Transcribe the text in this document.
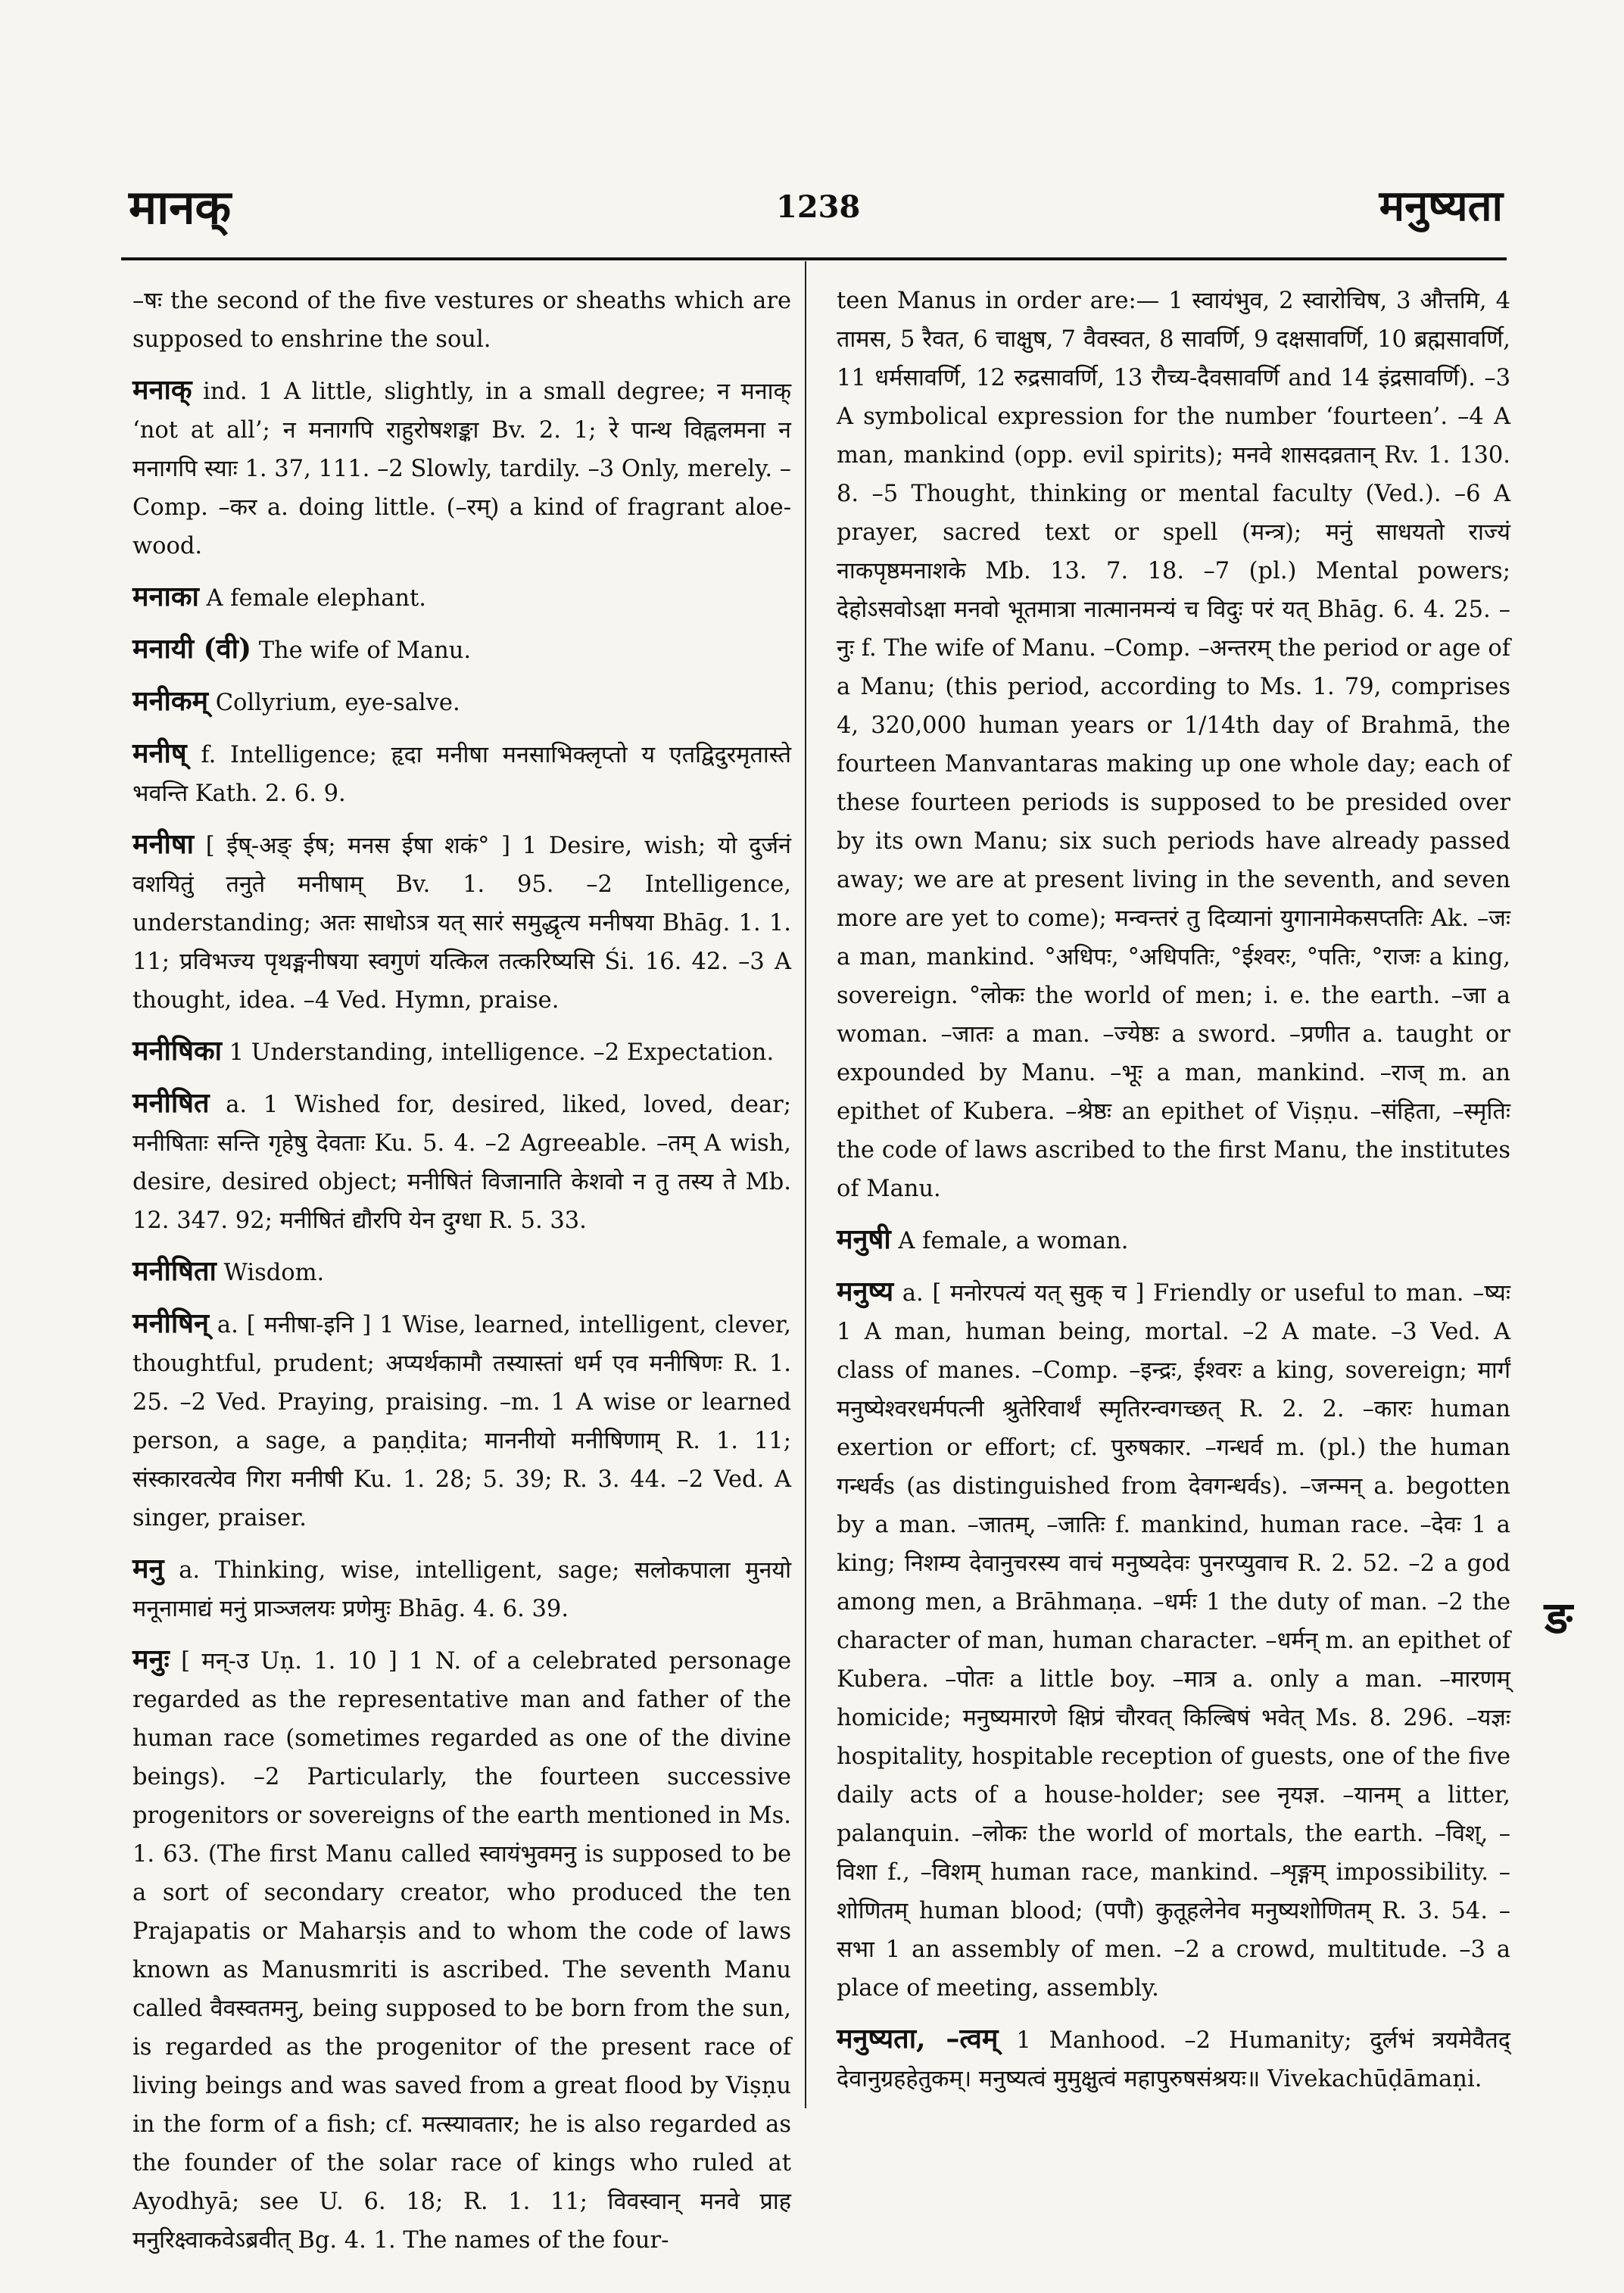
मानक्	1238	मनुष्यता

–षः the second of the five vestures or sheaths which are supposed to enshrine the soul.

मनाक् ind. 1 A little, slightly, in a small degree; न मनाक् ‘not at all’; न मनागपि राहुरोषशङ्का Bv. 2. 1; रे पान्थ विह्वलमना न मनागपि स्याः 1. 37, 111. –2 Slowly, tardily. –3 Only, merely. –Comp. –कर a. doing little. (–रम्) a kind of fragrant aloe-wood.

मनाका A female elephant.

मनायी (वी) The wife of Manu.

मनीकम् Collyrium, eye-salve.

मनीष् f. Intelligence; हृदा मनीषा मनसाभिक्लृप्तो य एतद्विदुरमृतास्ते भवन्ति Kath. 2. 6. 9.

मनीषा [ ईष्-अङ् ईष; मनस ईषा शकं° ] 1 Desire, wish; यो दुर्जनं वशयितुं तनुते मनीषाम् Bv. 1. 95. –2 Intelligence, understanding; अतः साधोऽत्र यत् सारं समुद्धृत्य मनीषया Bhāg. 1. 1. 11; प्रविभज्य पृथङ्मनीषया स्वगुणं यत्किल तत्करिष्यसि Śi. 16. 42. –3 A thought, idea. –4 Ved. Hymn, praise.

मनीषिका 1 Understanding, intelligence. –2 Expectation.

मनीषित a. 1 Wished for, desired, liked, loved, dear; मनीषिताः सन्ति गृहेषु देवताः Ku. 5. 4. –2 Agreeable. –तम् A wish, desire, desired object; मनीषितं विजानाति केशवो न तु तस्य ते Mb. 12. 347. 92; मनीषितं द्यौरपि येन दुग्धा R. 5. 33.

मनीषिता Wisdom.

मनीषिन् a. [ मनीषा-इनि ] 1 Wise, learned, intelligent, clever, thoughtful, prudent; अप्यर्थकामौ तस्यास्तां धर्म एव मनीषिणः R. 1. 25. –2 Ved. Praying, praising. –m. 1 A wise or learned person, a sage, a paṇḍita; माननीयो मनीषिणाम् R. 1. 11; संस्कारवत्येव गिरा मनीषी Ku. 1. 28; 5. 39; R. 3. 44. –2 Ved. A singer, praiser.

मनु a. Thinking, wise, intelligent, sage; सलोकपाला मुनयो मनूनामाद्यं मनुं प्राञ्जलयः प्रणेमुः Bhāg. 4. 6. 39.

मनुः [ मन्-उ Uṇ. 1. 10 ] 1 N. of a celebrated personage regarded as the representative man and father of the human race (sometimes regarded as one of the divine beings). –2 Particularly, the fourteen successive progenitors or sovereigns of the earth mentioned in Ms. 1. 63. (The first Manu called स्वायंभुवमनु is supposed to be a sort of secondary creator, who produced the ten Prajapatis or Maharṣis and to whom the code of laws known as Manusmriti is ascribed. The seventh Manu called वैवस्वतमनु, being supposed to be born from the sun, is regarded as the progenitor of the present race of living beings and was saved from a great flood by Viṣṇu in the form of a fish; cf. मत्स्यावतार; he is also regarded as the founder of the solar race of kings who ruled at Ayodhyā; see U. 6. 18; R. 1. 11; विवस्वान् मनवे प्राह मनुरिक्ष्वाकवेऽब्रवीत् Bg. 4. 1. The names of the four-

teen Manus in order are:— 1 स्वायंभुव, 2 स्वारोचिष, 3 औत्तमि, 4 तामस, 5 रैवत, 6 चाक्षुष, 7 वैवस्वत, 8 सावर्णि, 9 दक्षसावर्णि, 10 ब्रह्मसावर्णि, 11 धर्मसावर्णि, 12 रुद्रसावर्णि, 13 रौच्य-दैवसावर्णि and 14 इंद्रसावर्णि). –3 A symbolical expression for the number ‘fourteen’. –4 A man, mankind (opp. evil spirits); मनवे शासदव्रतान् Rv. 1. 130. 8. –5 Thought, thinking or mental faculty (Ved.). –6 A prayer, sacred text or spell (मन्त्र); मनुं साधयतो राज्यं नाकपृष्ठमनाशके Mb. 13. 7. 18. –7 (pl.) Mental powers; देहोऽसवोऽक्षा मनवो भूतमात्रा नात्मानमन्यं च विदुः परं यत् Bhāg. 6. 4. 25. –नुः f. The wife of Manu. –Comp. –अन्तरम् the period or age of a Manu; (this period, according to Ms. 1. 79, comprises 4, 320,000 human years or 1/14th day of Brahmā, the fourteen Manvantaras making up one whole day; each of these fourteen periods is supposed to be presided over by its own Manu; six such periods have already passed away; we are at present living in the seventh, and seven more are yet to come); मन्वन्तरं तु दिव्यानां युगानामेकसप्ततिः Ak. –जः a man, mankind. °अधिपः, °अधिपतिः, °ईश्वरः, °पतिः, °राजः a king, sovereign. °लोकः the world of men; i. e. the earth. –जा a woman. –जातः a man. –ज्येष्ठः a sword. –प्रणीत a. taught or expounded by Manu. –भूः a man, mankind. –राज् m. an epithet of Kubera. –श्रेष्ठः an epithet of Viṣṇu. –संहिता, –स्मृतिः the code of laws ascribed to the first Manu, the institutes of Manu.

मनुषी A female, a woman.

मनुष्य a. [ मनोरपत्यं यत् सुक् च ] Friendly or useful to man. –ष्यः 1 A man, human being, mortal. –2 A mate. –3 Ved. A class of manes. –Comp. –इन्द्रः, ईश्वरः a king, sovereign; मार्गं मनुष्येश्वरधर्मपत्नी श्रुतेरिवार्थं स्मृतिरन्वगच्छत् R. 2. 2. –कारः human exertion or effort; cf. पुरुषकार. –गन्धर्व m. (pl.) the human गन्धर्वs (as distinguished from देवगन्धर्वs). –जन्मन् a. begotten by a man. –जातम्, –जातिः f. mankind, human race. –देवः 1 a king; निशम्य देवानुचरस्य वाचं मनुष्यदेवः पुनरप्युवाच R. 2. 52. –2 a god among men, a Brāhmaṇa. –धर्मः 1 the duty of man. –2 the character of man, human character. –धर्मन् m. an epithet of Kubera. –पोतः a little boy. –मात्र a. only a man. –मारणम् homicide; मनुष्यमारणे क्षिप्रं चौरवत् किल्बिषं भवेत् Ms. 8. 296. –यज्ञः hospitality, hospitable reception of guests, one of the five daily acts of a house-holder; see नृयज्ञ. –यानम् a litter, palanquin. –लोकः the world of mortals, the earth. –विश्, –विशा f., –विशम् human race, mankind. –शृङ्गम् impossibility. –शोणितम् human blood; (पपौ) कुतूहलेनेव मनुष्यशोणितम् R. 3. 54. –सभा 1 an assembly of men. –2 a crowd, multitude. –3 a place of meeting, assembly.

मनुष्यता, –त्वम् 1 Manhood. –2 Humanity; दुर्लभं त्रयमेवैतद् देवानुग्रहहेतुकम्। मनुष्यत्वं मुमुक्षुत्वं महापुरुषसंश्रयः॥ Vivekachūḍāmaṇi.

ङ
